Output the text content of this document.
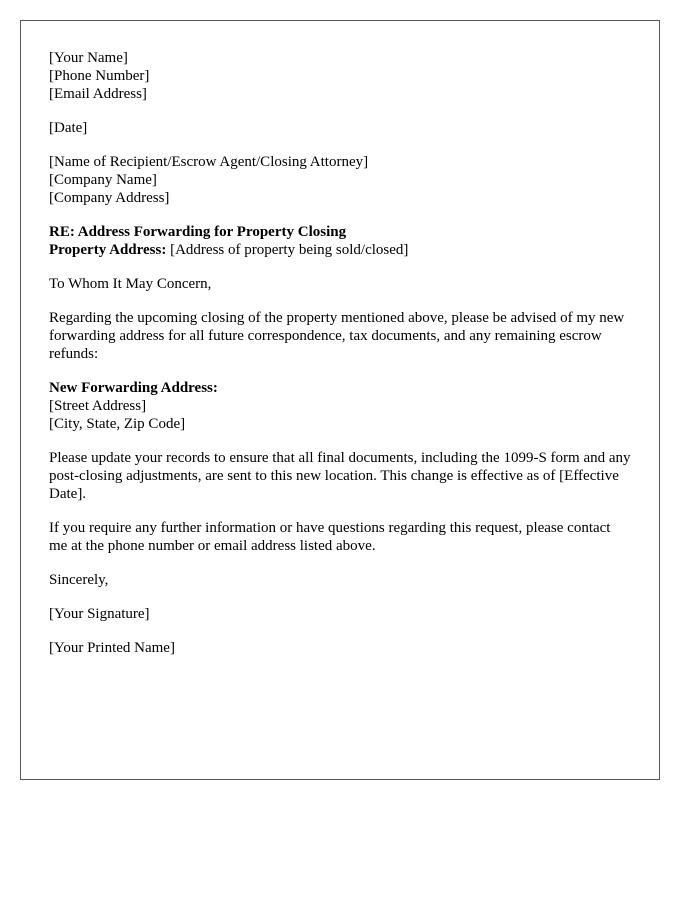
[Your Name]
[Phone Number]
[Email Address]
[Date]
[Name of Recipient/Escrow Agent/Closing Attorney]
[Company Name]
[Company Address]
RE: Address Forwarding for Property Closing
Property Address: [Address of property being sold/closed]
To Whom It May Concern,

Regarding the upcoming closing of the property mentioned above, please be advised of my new forwarding address for all future correspondence, tax documents, and any remaining escrow refunds:

New Forwarding Address:
[Street Address]
[City, State, Zip Code]

Please update your records to ensure that all final documents, including the 1099-S form and any post-closing adjustments, are sent to this new location. This change is effective as of [Effective Date].

If you require any further information or have questions regarding this request, please contact me at the phone number or email address listed above.

Sincerely,
[Your Signature]
[Your Printed Name]
